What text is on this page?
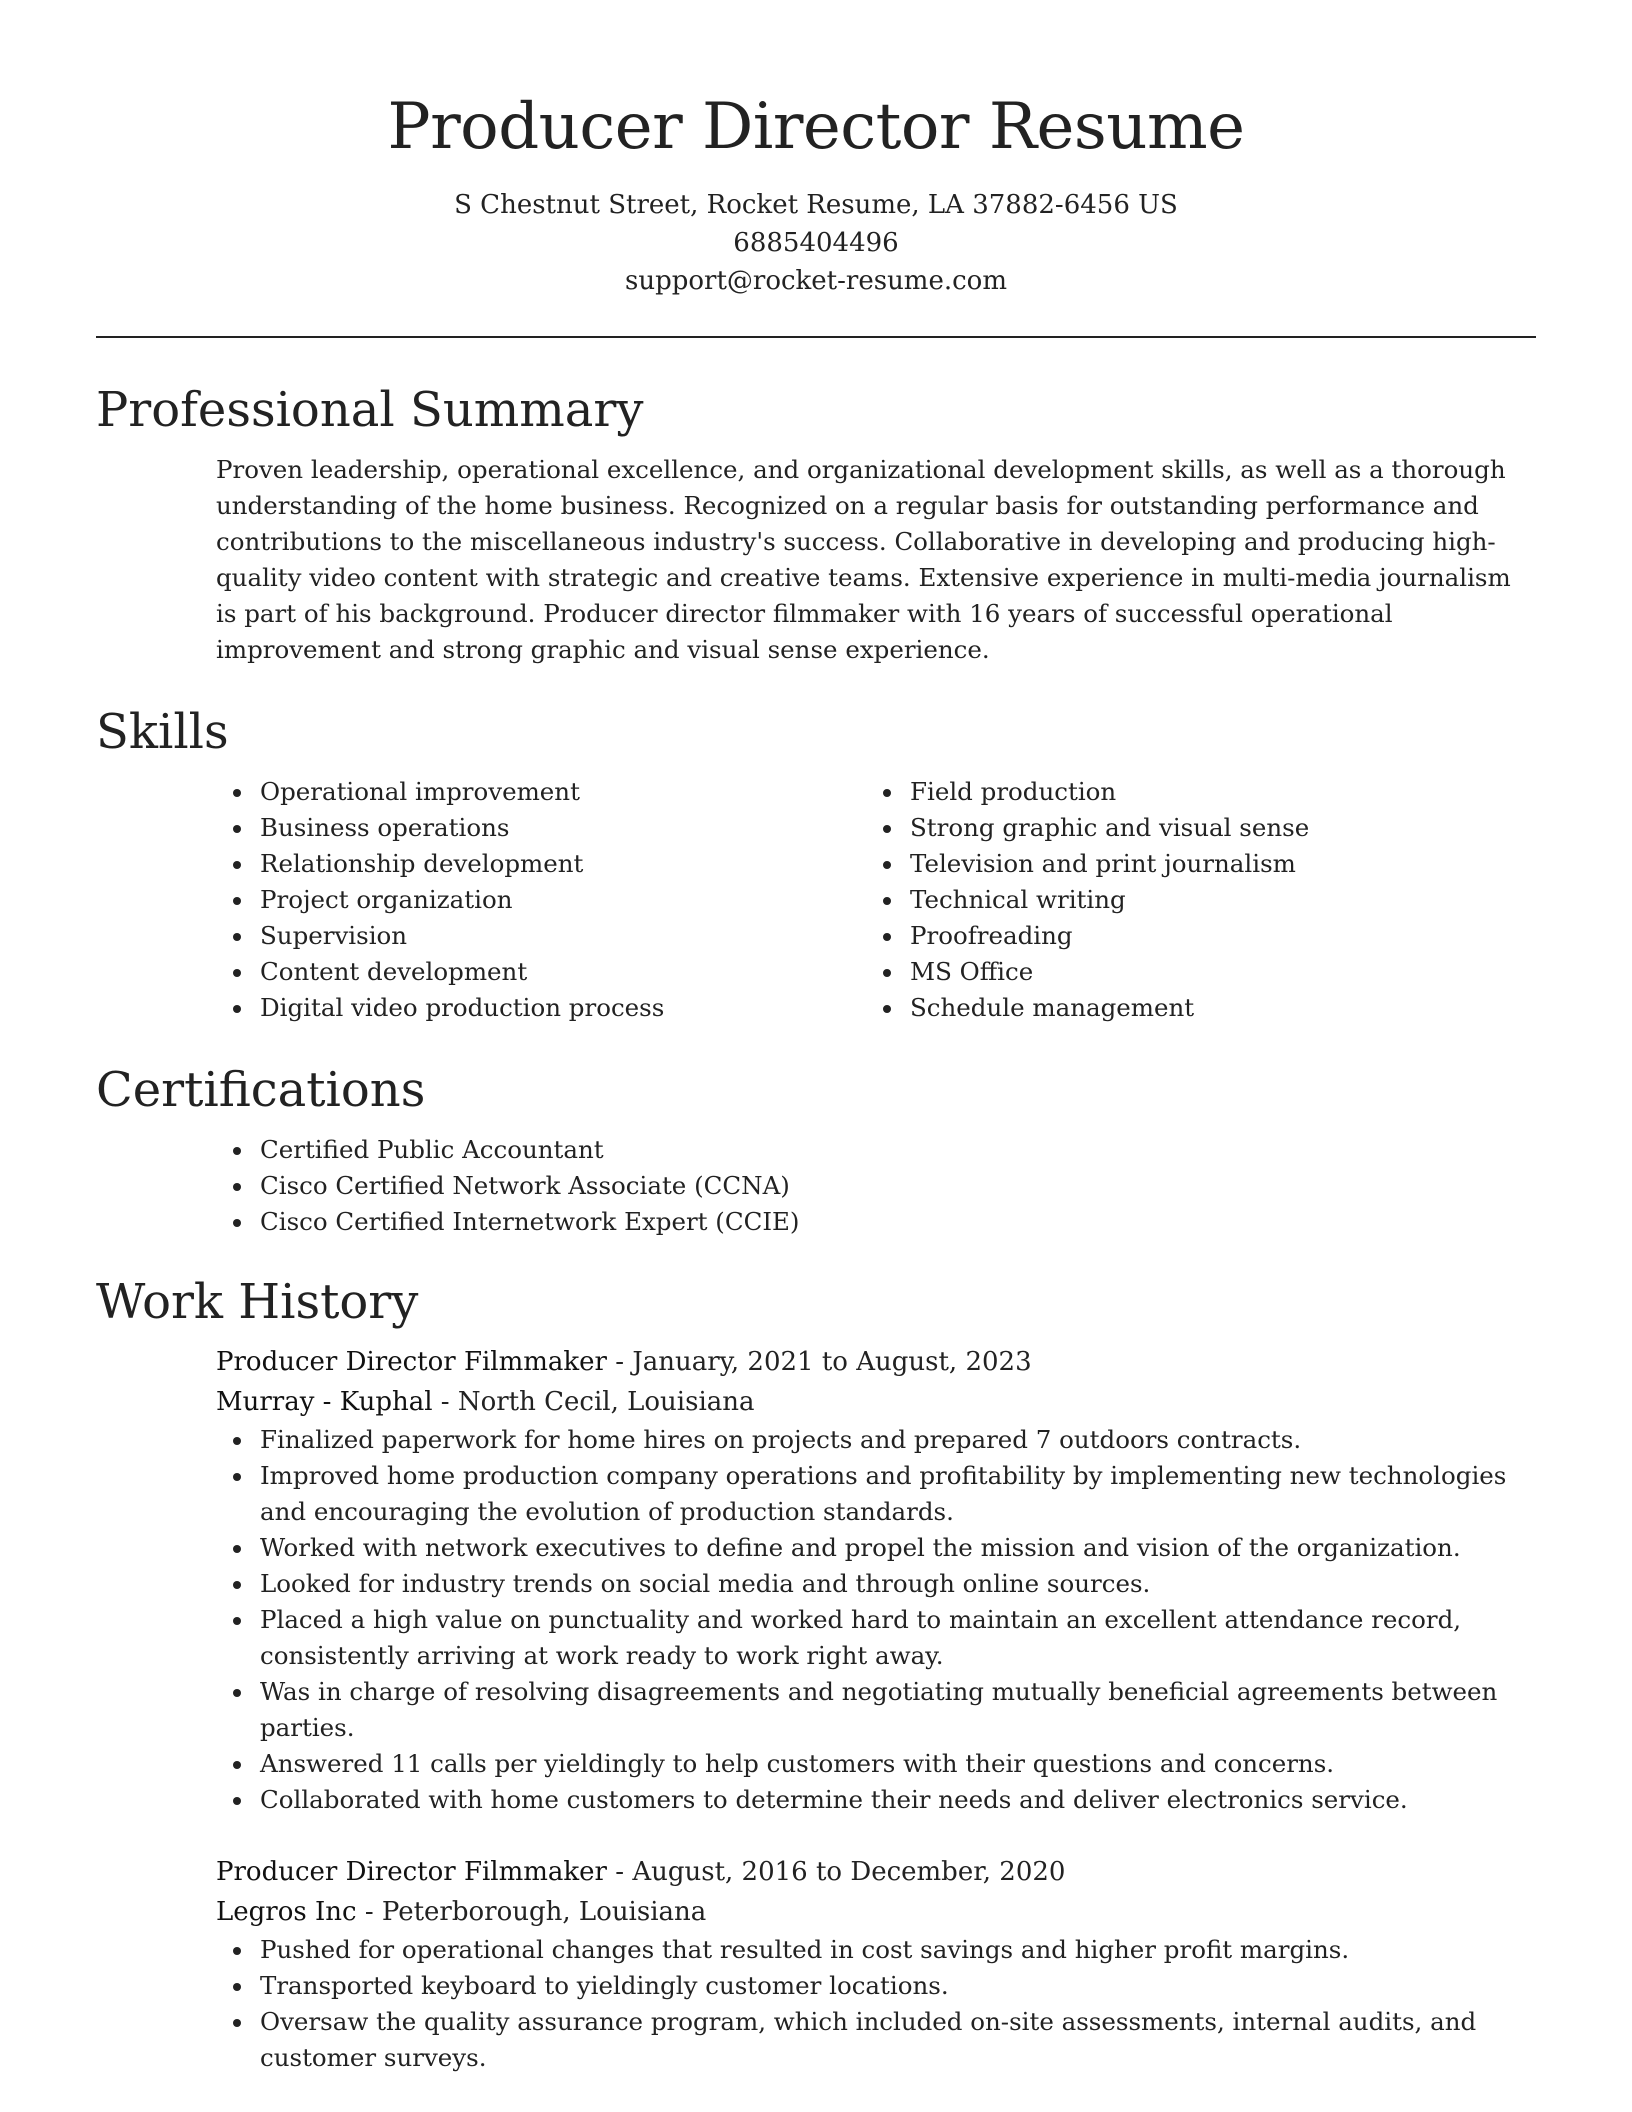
Producer Director Resume

S Chestnut Street, Rocket Resume, LA 37882-6456 US

6885404496

support@rocket-resume.com

Professional Summary

Proven leadership, operational excellence, and organizational development skills, as well as a thorough understanding of the home business. Recognized on a regular basis for outstanding performance and contributions to the miscellaneous industry's success. Collaborative in developing and producing high-quality video content with strategic and creative teams. Extensive experience in multi-media journalism is part of his background. Producer director filmmaker with 16 years of successful operational improvement and strong graphic and visual sense experience.

Skills
Operational improvement
Business operations
Relationship development
Project organization
Supervision
Content development
Digital video production process
Field production
Strong graphic and visual sense
Television and print journalism
Technical writing
Proofreading
MS Office
Schedule management
Certifications
Certified Public Accountant
Cisco Certified Network Associate (CCNA)
Cisco Certified Internetwork Expert (CCIE)
Work History

Producer Director Filmmaker - January, 2021 to August, 2023

Murray - Kuphal - North Cecil, Louisiana

Finalized paperwork for home hires on projects and prepared 7 outdoors contracts.
Improved home production company operations and profitability by implementing new technologies and encouraging the evolution of production standards.
Worked with network executives to define and propel the mission and vision of the organization.
Looked for industry trends on social media and through online sources.
Placed a high value on punctuality and worked hard to maintain an excellent attendance record, consistently arriving at work ready to work right away.
Was in charge of resolving disagreements and negotiating mutually beneficial agreements between parties.
Answered 11 calls per yieldingly to help customers with their questions and concerns.
Collaborated with home customers to determine their needs and deliver electronics service.

Producer Director Filmmaker - August, 2016 to December, 2020

Legros Inc - Peterborough, Louisiana

Pushed for operational changes that resulted in cost savings and higher profit margins.
Transported keyboard to yieldingly customer locations.
Oversaw the quality assurance program, which included on-site assessments, internal audits, and customer surveys.
